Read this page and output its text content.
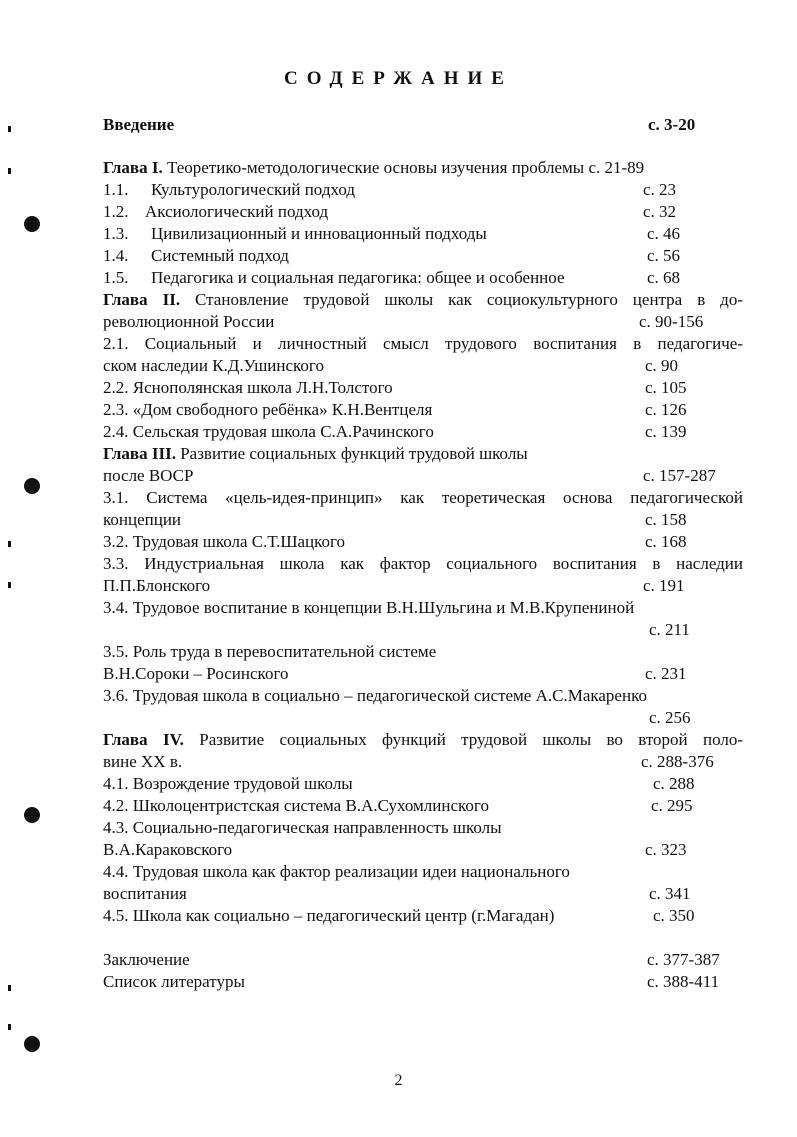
СОДЕРЖАНИЕ
Введение	с. 3-20
Глава I. Теоретико-методологические основы изучения проблемы с. 21-89
1.1. Культурологический подход	с. 23
1.2. Аксиологический подход	с. 32
1.3. Цивилизационный и инновационный подходы	с. 46
1.4. Системный подход	с. 56
1.5. Педагогика и социальная педагогика: общее и особенное	с. 68
Глава II. Становление трудовой школы как социокультурного центра в до-
революционной России	с. 90-156
2.1. Социальный и личностный смысл трудового воспитания в педагогиче-
ском наследии К.Д.Ушинского	с. 90
2.2. Яснополянская школа Л.Н.Толстого	с. 105
2.3. «Дом свободного ребёнка» К.Н.Вентцеля	с. 126
2.4. Сельская трудовая школа С.А.Рачинского	с. 139
Глава III. Развитие социальных функций трудовой школы
после ВОСР	с. 157-287
3.1. Система «цель-идея-принцип» как теоретическая основа педагогической
концепции	с. 158
3.2. Трудовая школа С.Т.Шацкого	с. 168
3.3. Индустриальная школа как фактор социального воспитания в наследии
П.П.Блонского	с. 191
3.4. Трудовое воспитание в концепции В.Н.Шульгина и М.В.Крупениной
с. 211
3.5. Роль труда в перевоспитательной системе
В.Н.Сороки – Росинского	с. 231
3.6. Трудовая школа в социально – педагогической системе А.С.Макаренко
с. 256
Глава IV. Развитие социальных функций трудовой школы во второй поло-
вине XX в.	с. 288-376
4.1. Возрождение трудовой школы	с. 288
4.2. Школоцентристская система В.А.Сухомлинского	с. 295
4.3. Социально-педагогическая направленность школы
В.А.Караковского	с. 323
4.4. Трудовая школа как фактор реализации идеи национального
воспитания	с. 341
4.5. Школа как социально – педагогический центр (г.Магадан)	с. 350
Заключение	с. 377-387
Список литературы	с. 388-411
2
